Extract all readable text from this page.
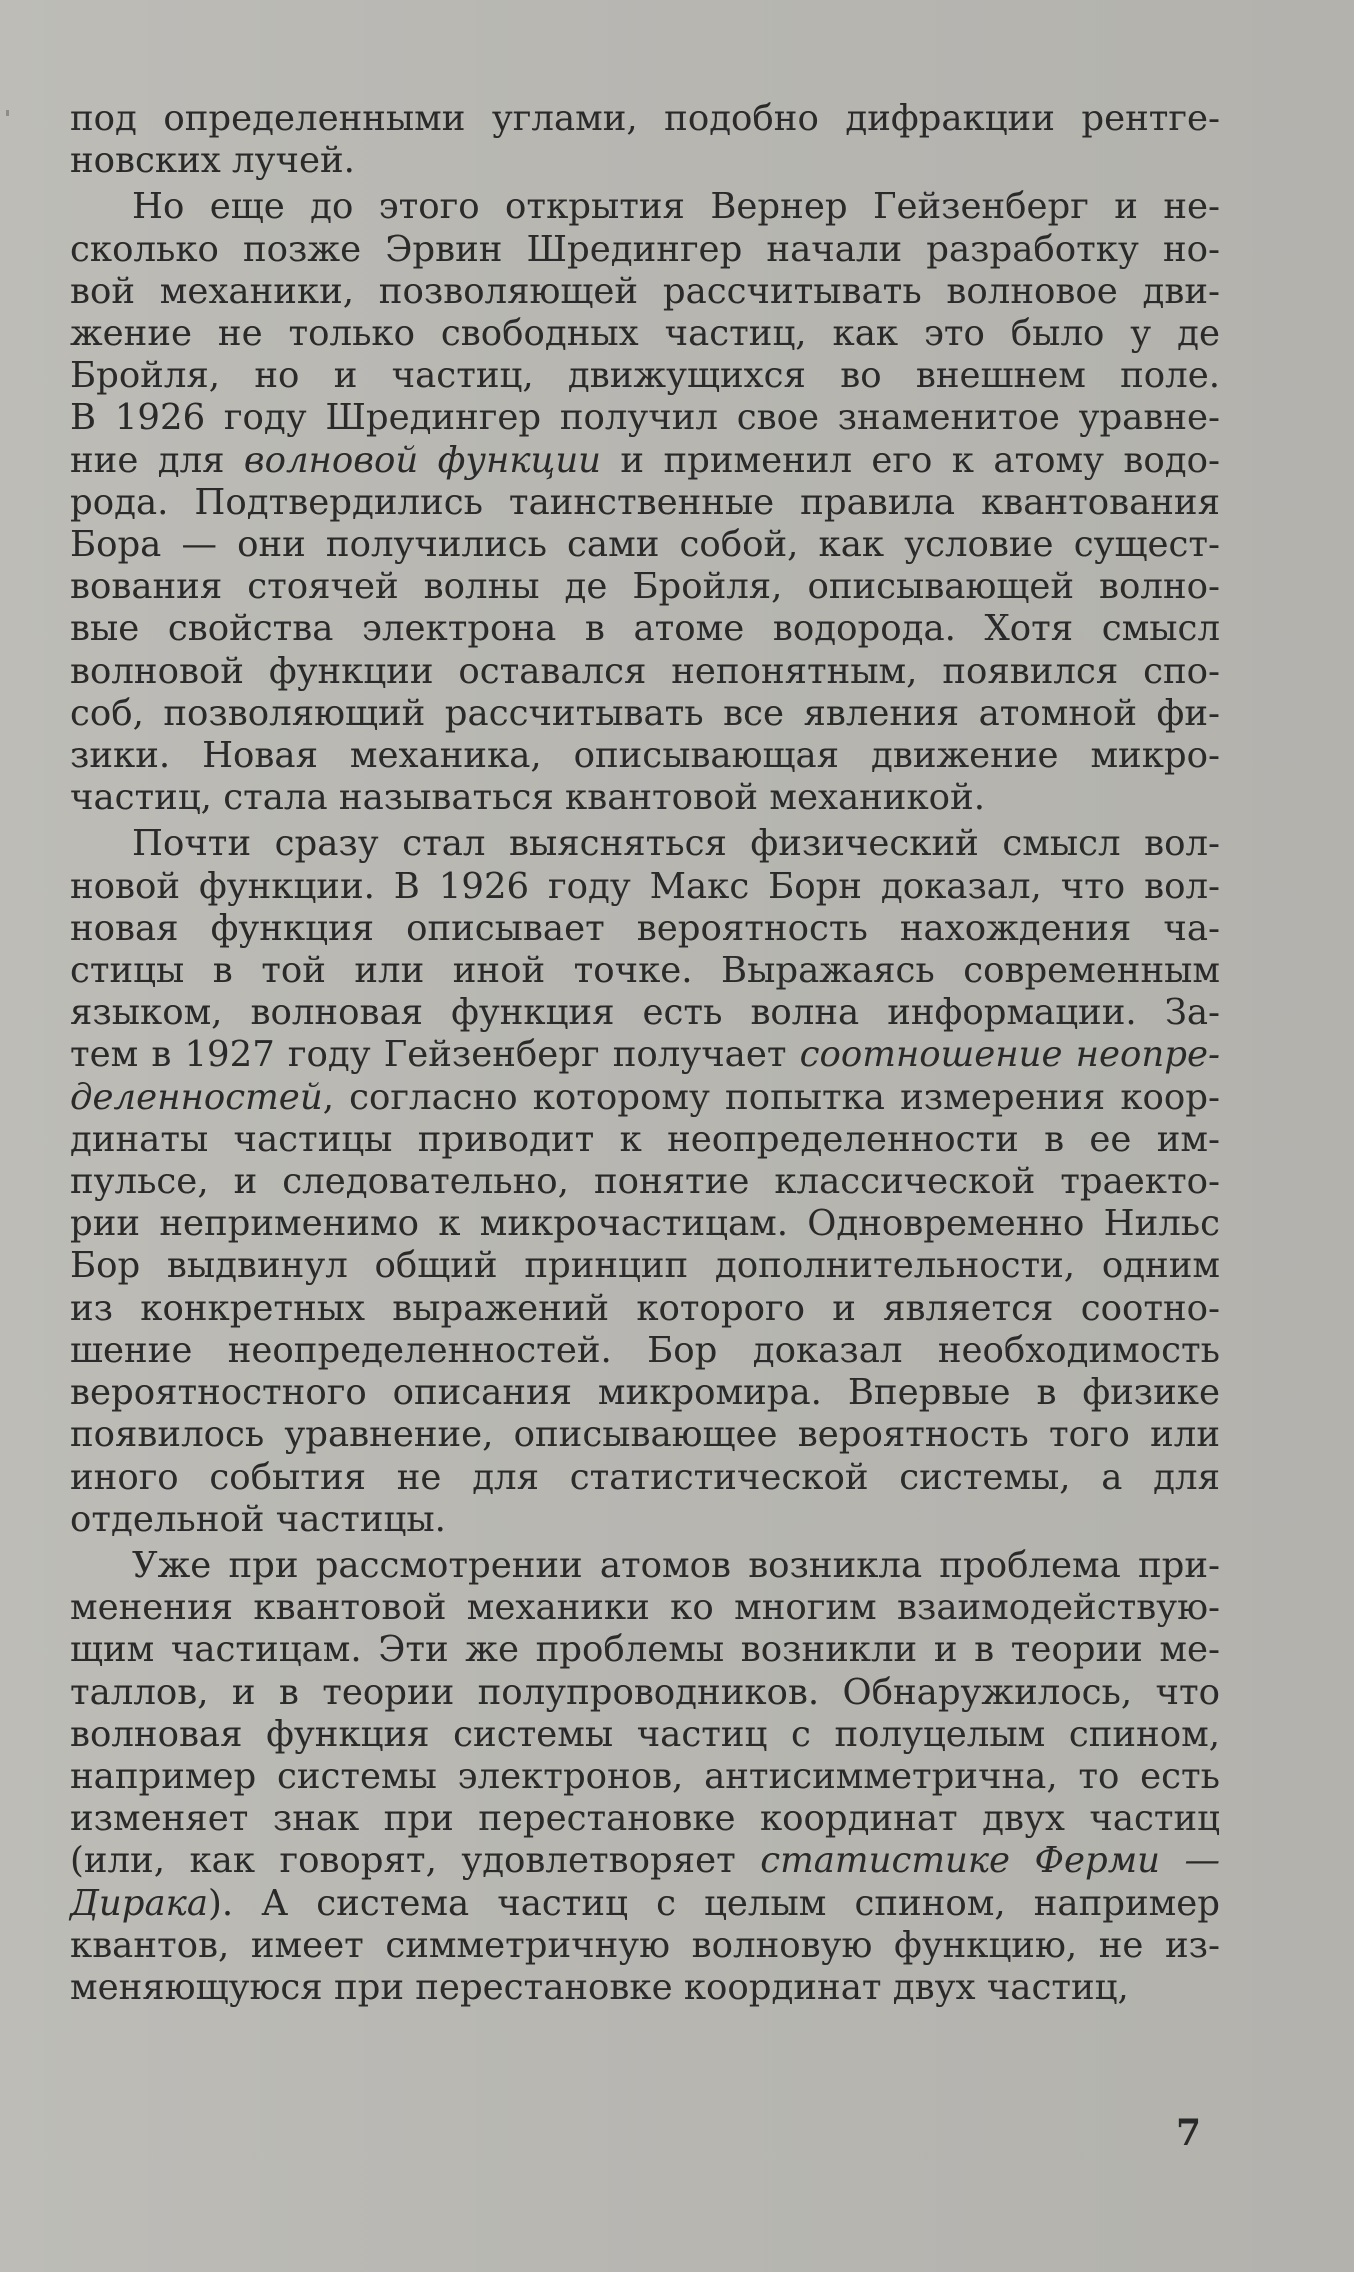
под определенными углами, подобно дифракции рентге-
новских лучей.
Но еще до этого открытия Вернер Гейзенберг и не-
сколько позже Эрвин Шредингер начали разработку но-
вой механики, позволяющей рассчитывать волновое дви-
жение не только свободных частиц, как это было у де
Бройля, но и частиц, движущихся во внешнем поле.
В 1926 году Шредингер получил свое знаменитое уравне-
ние для волновой функции и применил его к атому водо-
рода. Подтвердились таинственные правила квантования
Бора — они получились сами собой, как условие сущест-
вования стоячей волны де Бройля, описывающей волно-
вые свойства электрона в атоме водорода. Хотя смысл
волновой функции оставался непонятным, появился спо-
соб, позволяющий рассчитывать все явления атомной фи-
зики. Новая механика, описывающая движение микро-
частиц, стала называться квантовой механикой.
Почти сразу стал выясняться физический смысл вол-
новой функции. В 1926 году Макс Борн доказал, что вол-
новая функция описывает вероятность нахождения ча-
стицы в той или иной точке. Выражаясь современным
языком, волновая функция есть волна информации. За-
тем в 1927 году Гейзенберг получает соотношение неопре-
деленностей, согласно которому попытка измерения коор-
динаты частицы приводит к неопределенности в ее им-
пульсе, и следовательно, понятие классической траекто-
рии неприменимо к микрочастицам. Одновременно Нильс
Бор выдвинул общий принцип дополнительности, одним
из конкретных выражений которого и является соотно-
шение неопределенностей. Бор доказал необходимость
вероятностного описания микромира. Впервые в физике
появилось уравнение, описывающее вероятность того или
иного события не для статистической системы, а для
отдельной частицы.
Уже при рассмотрении атомов возникла проблема при-
менения квантовой механики ко многим взаимодействую-
щим частицам. Эти же проблемы возникли и в теории ме-
таллов, и в теории полупроводников. Обнаружилось, что
волновая функция системы частиц с полуцелым спином,
например системы электронов, антисимметрична, то есть
изменяет знак при перестановке координат двух частиц
(или, как говорят, удовлетворяет статистике Ферми —
Дирака). А система частиц с целым спином, например
квантов, имеет симметричную волновую функцию, не из-
меняющуюся при перестановке координат двух частиц,
7
